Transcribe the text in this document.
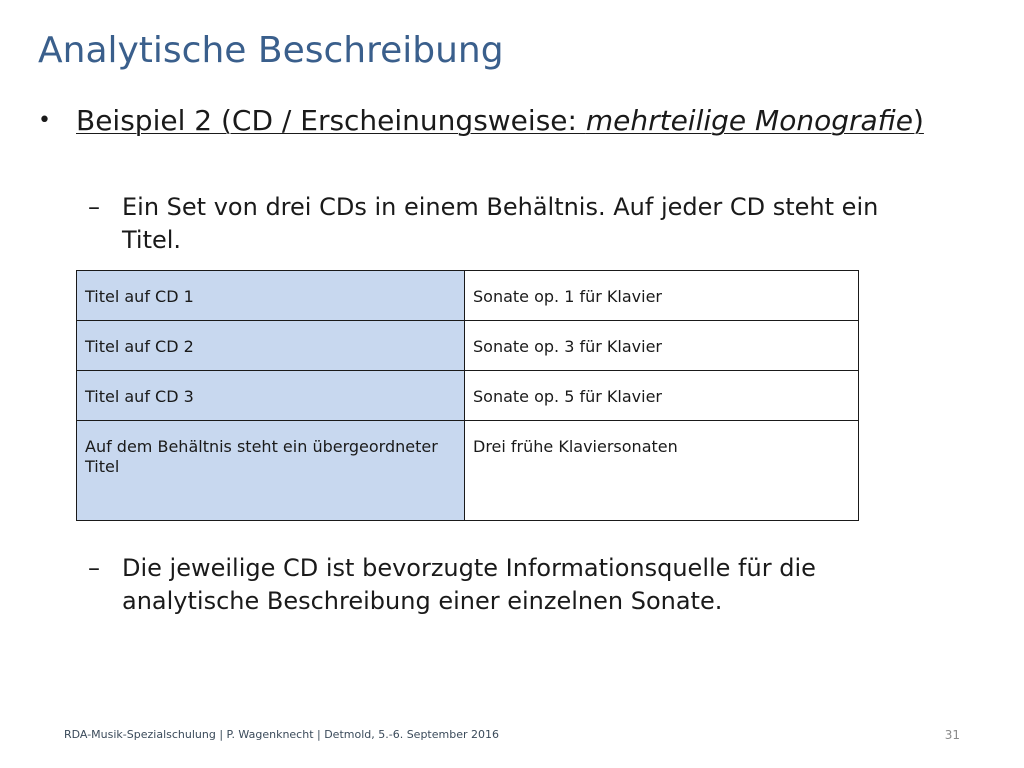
Analytische Beschreibung
• Beispiel 2 (CD / Erscheinungsweise: mehrteilige Monografie)
– Ein Set von drei CDs in einem Behältnis. Auf jeder CD steht ein Titel.
Titel auf CD 1	Sonate op. 1 für Klavier
Titel auf CD 2	Sonate op. 3 für Klavier
Titel auf CD 3	Sonate op. 5 für Klavier
Auf dem Behältnis steht ein übergeordneter Titel	Drei frühe Klaviersonaten
– Die jeweilige CD ist bevorzugte Informationsquelle für die analytische Beschreibung einer einzelnen Sonate.
RDA-Musik-Spezialschulung | P. Wagenknecht | Detmold, 5.-6. September 2016	31
